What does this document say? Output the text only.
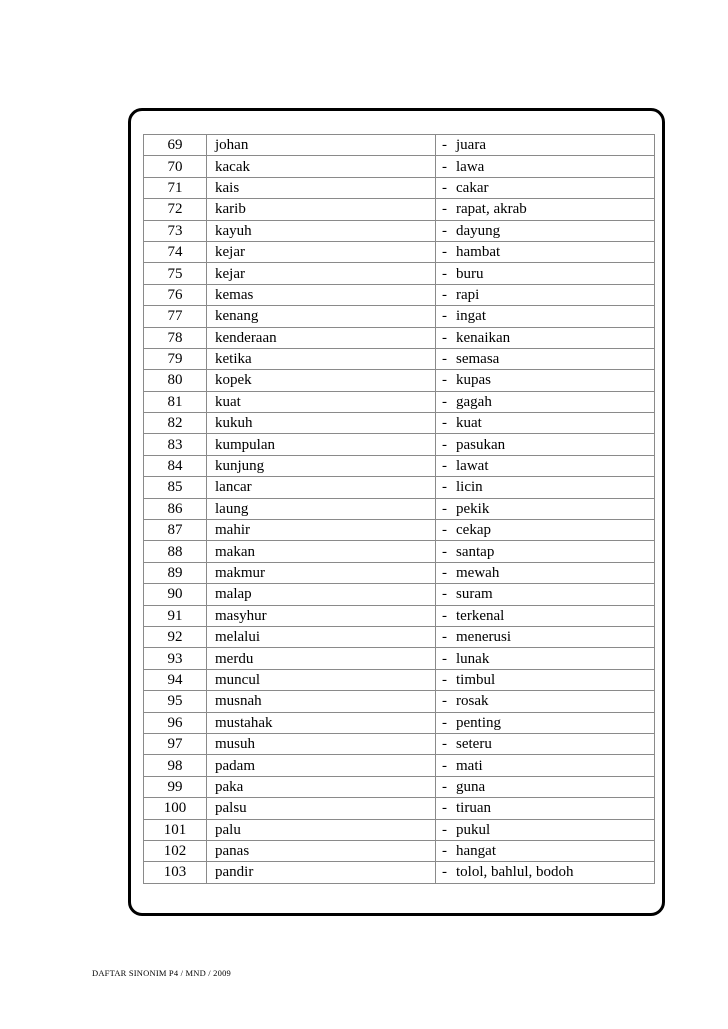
69	johan	- juara
70	kacak	- lawa
71	kais	- cakar
72	karib	- rapat, akrab
73	kayuh	- dayung
74	kejar	- hambat
75	kejar	- buru
76	kemas	- rapi
77	kenang	- ingat
78	kenderaan	- kenaikan
79	ketika	- semasa
80	kopek	- kupas
81	kuat	- gagah
82	kukuh	- kuat
83	kumpulan	- pasukan
84	kunjung	- lawat
85	lancar	- licin
86	laung	- pekik
87	mahir	- cekap
88	makan	- santap
89	makmur	- mewah
90	malap	- suram
91	masyhur	- terkenal
92	melalui	- menerusi
93	merdu	- lunak
94	muncul	- timbul
95	musnah	- rosak
96	mustahak	- penting
97	musuh	- seteru
98	padam	- mati
99	paka	- guna
100	palsu	- tiruan
101	palu	- pukul
102	panas	- hangat
103	pandir	- tolol, bahlul, bodoh
DAFTAR SINONIM P4 / MND / 2009
